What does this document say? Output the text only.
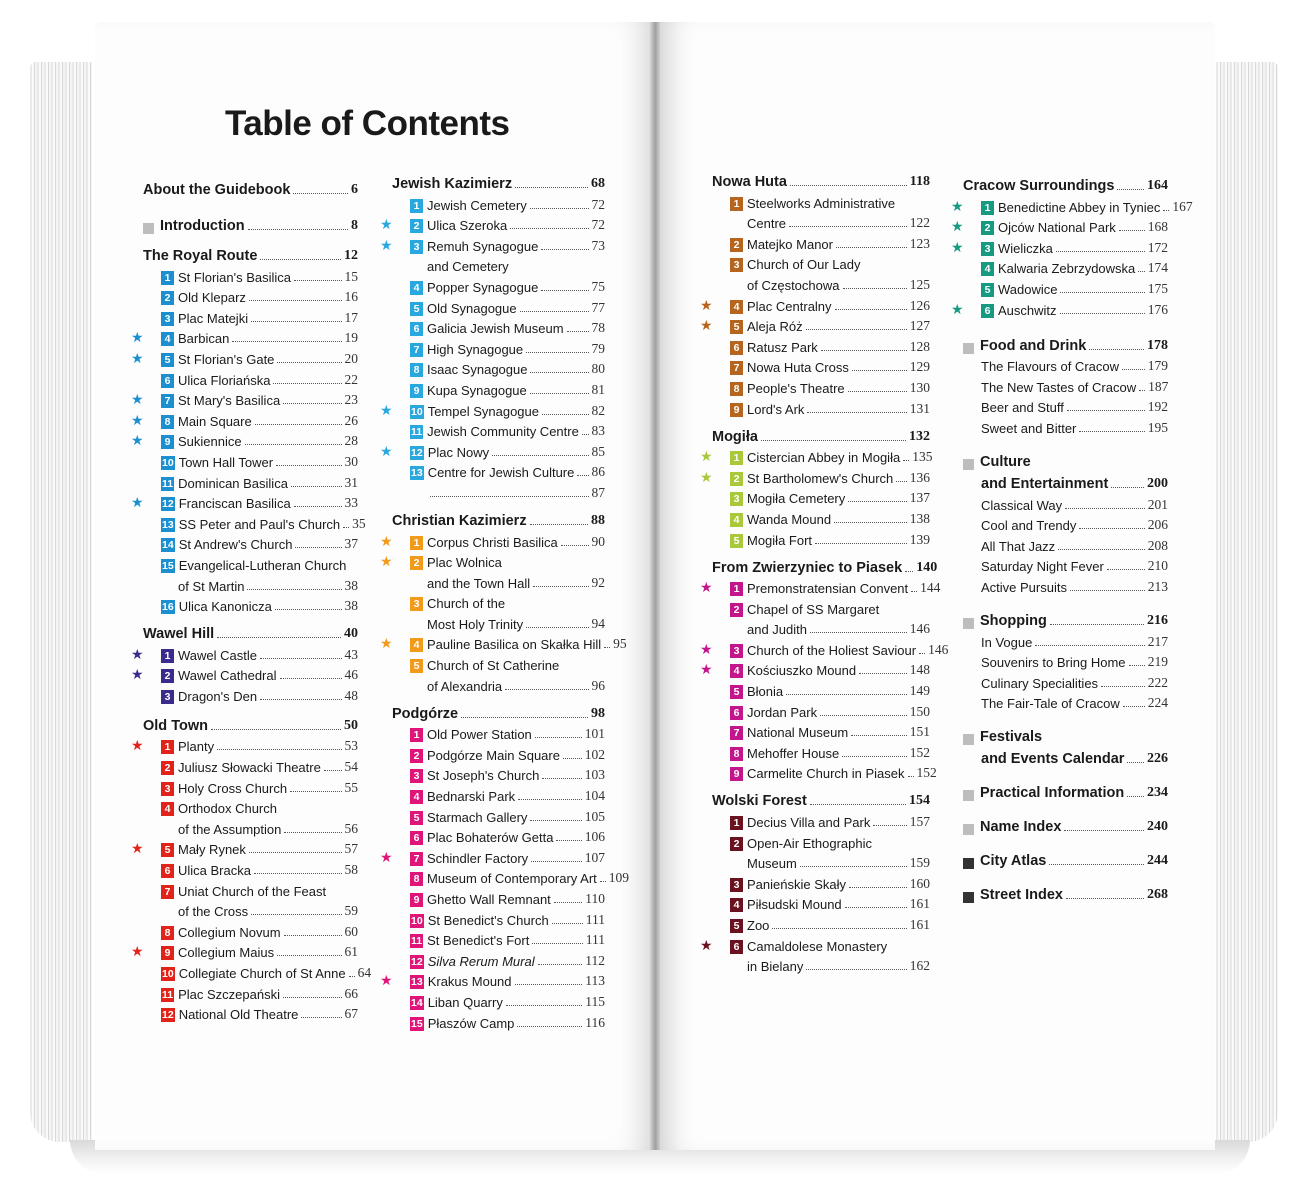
Table of Contents
About the Guidebook	6
Introduction	8
The Royal Route	12
1 St Florian's Basilica	15
2 Old Kleparz	16
3 Plac Matejki	17
★	4 Barbican	19
★	5 St Florian's Gate	20
6 Ulica Floriańska	22
★	7 St Mary's Basilica	23
★	8 Main Square	26
★	9 Sukiennice	28
10 Town Hall Tower	30
11 Dominican Basilica	31
★ 12 Franciscan Basilica	33
13 SS Peter and Paul's Church 35
14 St Andrew's Church	37
15 Evangelical-Lutheran Church
of St Martin	38
16 Ulica Kanonicza	38
Wawel Hill	40
★	1 Wawel Castle	43
★	2 Wawel Cathedral	46
3 Dragon's Den	48
Old Town	50
★	1 Planty	53
2 Juliusz Słowacki Theatre 54
3 Holy Cross Church	55
4 Orthodox Church
of the Assumption	56
★	5 Mały Rynek	57
6 Ulica Bracka	58
7 Uniat Church of the Feast
of the Cross	59
8 Collegium Novum	60
★	9 Collegium Maius	61
10 Collegiate Church of St Anne 64
11 Plac Szczepański	66
12 National Old Theatre	67
Jewish Kazimierz	68
1 Jewish Cemetery	72
★	2 Ulica Szeroka	72
★	3 Remuh Synagogue	73
and Cemetery
4 Popper Synagogue	75
5 Old Synagogue	77
6 Galicia Jewish Museum 78
7 High Synagogue	79
8 Isaac Synagogue	80
9 Kupa Synagogue	81
★ 10 Tempel Synagogue	82
11 Jewish Community Centre 83
★ 12 Plac Nowy	85
13 Centre for Jewish Culture 86
87
Christian Kazimierz	88
★	1 Corpus Christi Basilica 90
★	2 Plac Wolnica
and the Town Hall	92
3 Church of the
Most Holy Trinity	94
★	4 Pauline Basilica on Skałka Hill 95
5 Church of St Catherine
of Alexandria	96
Podgórze	98
1 Old Power Station	101
2 Podgórze Main Square 102
3 St Joseph's Church	103
4 Bednarski Park	104
5 Starmach Gallery	105
6 Plac Bohaterów Getta 106
★	7 Schindler Factory	107
8 Museum of Contemporary Art 109
9 Ghetto Wall Remnant	110
10 St Benedict's Church	111
11 St Benedict's Fort	111
12 Silva Rerum Mural	112
★ 13 Krakus Mound	113
14 Liban Quarry	115
15 Płaszów Camp	116
Nowa Huta	118
1 Steelworks Administrative
Centre	122
2 Matejko Manor	123
3 Church of Our Lady
of Częstochowa	125
★	4 Plac Centralny	126
★	5 Aleja Róż	127
6 Ratusz Park	128
7 Nowa Huta Cross	129
8 People's Theatre	130
9 Lord's Ark	131
Mogiła	132
★	1 Cistercian Abbey in Mogiła 135
★	2 St Bartholomew's Church 136
3 Mogiła Cemetery	137
4 Wanda Mound	138
5 Mogiła Fort	139
From Zwierzyniec to Piasek 140
★	1 Premonstratensian Convent 144
2 Chapel of SS Margaret
and Judith	146
★	3 Church of the Holiest Saviour 146
★	4 Kościuszko Mound	148
5 Błonia	149
6 Jordan Park	150
7 National Museum	151
8 Mehoffer House	152
9 Carmelite Church in Piasek 152
Wolski Forest	154
1 Decius Villa and Park	157
2 Open-Air Ethographic
Museum	159
3 Panieńskie Skały	160
4 Piłsudski Mound	161
5 Zoo	161
★	6 Camaldolese Monastery
in Bielany	162
Cracow Surroundings 164
★	1 Benedictine Abbey in Tyniec 167
★	2 Ojców National Park 168
★	3 Wieliczka	172
4 Kalwaria Zebrzydowska 174
5 Wadowice	175
★	6 Auschwitz	176
Food and Drink	178
The Flavours of Cracow 179
The New Tastes of Cracow 187
Beer and Stuff	192
Sweet and Bitter	195
Culture
and Entertainment	200
Classical Way	201
Cool and Trendy	206
All That Jazz	208
Saturday Night Fever	210
Active Pursuits	213
Shopping	216
In Vogue	217
Souvenirs to Bring Home 219
Culinary Specialities	222
The Fair-Tale of Cracow 224
Festivals
and Events Calendar 226
Practical Information 234
Name Index	240
City Atlas	244
Street Index	268
